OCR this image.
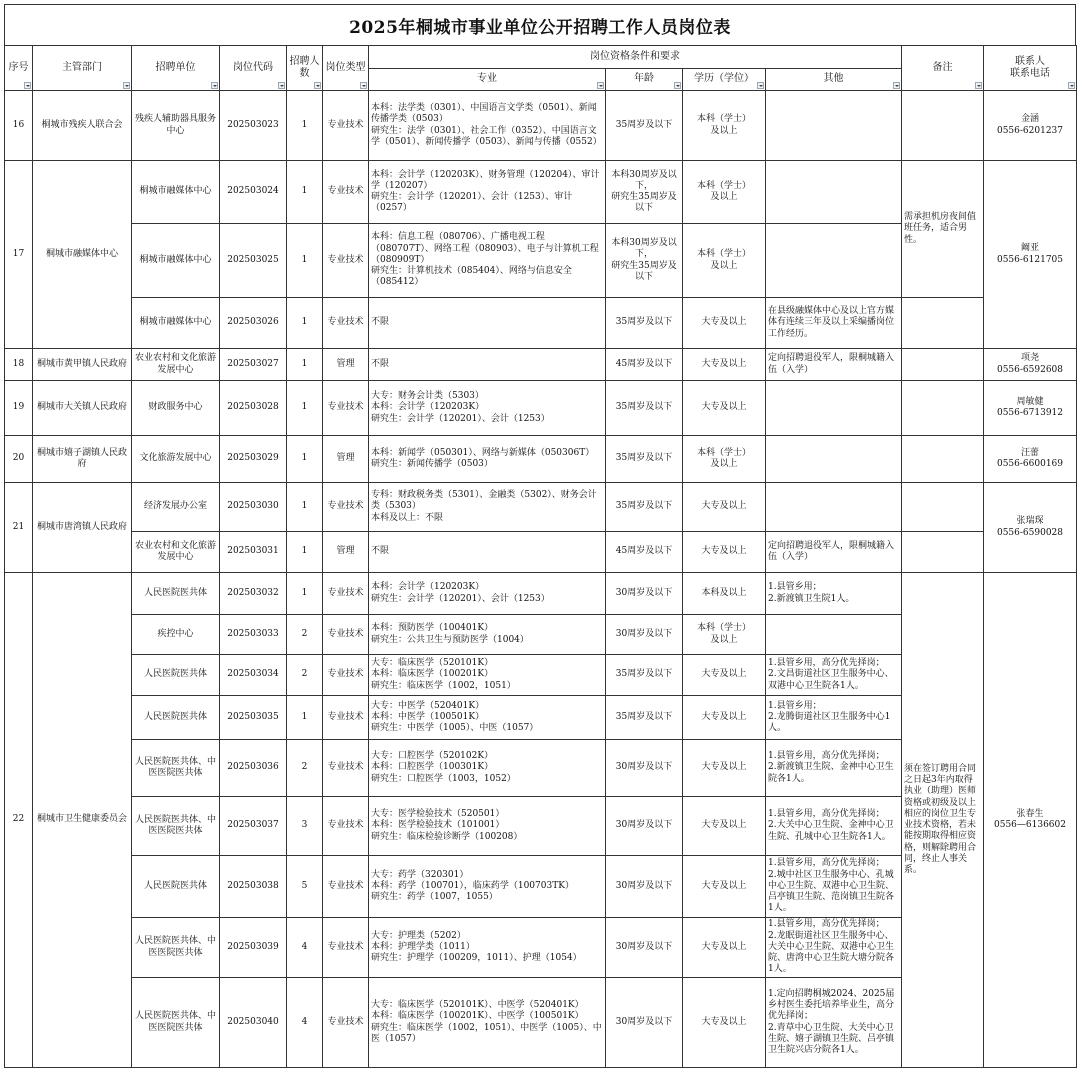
2025年桐城市事业单位公开招聘工作人员岗位表
序号	主管部门	招聘单位	岗位代码	招聘人数	岗位类型	岗位资格条件和要求				备注	联系人
联系电话

						专业	年龄	学历（学位）	其他		

16	桐城市残疾人联合会	残疾人辅助器具服务中心	202503023	1	专业技术	本科：法学类（0301）、中国语言文学类（0501）、新闻传播学类（0503）
研究生：法学（0301）、社会工作（0352）、中国语言文学（0501）、新闻传播学（0503）、新闻与传播（0552）	35周岁及以下	本科（学士）
及以上			金涵
0556-6201237
17	桐城市融媒体中心	桐城市融媒体中心	202503024	1	专业技术	本科：会计学（120203K）、财务管理（120204）、审计学（120207）
研究生：会计学（120201）、会计（1253）、审计（0257）	本科30周岁及以下，
研究生35周岁及以下	本科（学士）
及以上		需承担机房夜间值班任务，适合男性。	阚亚
0556-6121705
		桐城市融媒体中心	202503025	1	专业技术	本科：信息工程（080706）、广播电视工程（080707T）、网络工程（080903）、电子与计算机工程（080909T）
研究生：计算机技术（085404）、网络与信息安全（085412）	本科30周岁及以下，
研究生35周岁及以下	本科（学士）
及以上			
		桐城市融媒体中心	202503026	1	专业技术	不限	35周岁及以下	大专及以上	在县级融媒体中心及以上官方媒体有连续三年及以上采编播岗位工作经历。		
18	桐城市黄甲镇人民政府	农业农村和文化旅游发展中心	202503027	1	管理	不限	45周岁及以下	大专及以上	定向招聘退役军人，限桐城籍入伍（入学）		项尧
0556-6592608
19	桐城市大关镇人民政府	财政服务中心	202503028	1	专业技术	大专：财务会计类（5303）
本科：会计学（120203K）
研究生：会计学（120201）、会计（1253）	35周岁及以下	大专及以上			周敏健
0556-6713912
20	桐城市嬉子湖镇人民政府	文化旅游发展中心	202503029	1	管理	本科：新闻学（050301）、网络与新媒体（050306T）
研究生：新闻传播学（0503）	35周岁及以下	本科（学士）
及以上			汪蕾
0556-6600169
21	桐城市唐湾镇人民政府	经济发展办公室	202503030	1	专业技术	专科：财政税务类（5301）、金融类（5302）、财务会计类（5303）
本科及以上：不限	35周岁及以下	大专及以上			张瑞琛
0556-6590028
		农业农村和文化旅游发展中心	202503031	1	管理	不限	45周岁及以下	大专及以上	定向招聘退役军人，限桐城籍入伍（入学）		
22	桐城市卫生健康委员会	人民医院医共体	202503032	1	专业技术	本科：会计学（120203K）
研究生：会计学（120201）、会计（1253）	30周岁及以下	本科及以上	1.县管乡用；
2.新渡镇卫生院1人。	须在签订聘用合同之日起3年内取得执业（助理）医师资格或初级及以上相应的岗位卫生专业技术资格，若未能按期取得相应资格，则解除聘用合同，终止人事关系。	张春生
0556—6136602
		疾控中心	202503033	2	专业技术	本科：预防医学（100401K）
研究生：公共卫生与预防医学（1004）	30周岁及以下	本科（学士）
及以上			
		人民医院医共体	202503034	2	专业技术	大专：临床医学（520101K）
本科：临床医学（100201K）
研究生：临床医学（1002，1051）	35周岁及以下	大专及以上	1.县管乡用，高分优先择岗；
2.文昌街道社区卫生服务中心、双港中心卫生院各1人。		
		人民医院医共体	202503035	1	专业技术	大专：中医学（520401K）
本科：中医学（100501K）
研究生：中医学（1005）、中医（1057）	35周岁及以下	大专及以上	1.县管乡用；
2.龙腾街道社区卫生服务中心1人。		
		人民医院医共体、中医医院医共体	202503036	2	专业技术	大专：口腔医学（520102K）
本科：口腔医学（100301K）
研究生：口腔医学（1003，1052）	30周岁及以下	大专及以上	1.县管乡用，高分优先择岗；
2.新渡镇卫生院、金神中心卫生院各1人。		
		人民医院医共体、中医医院医共体	202503037	3	专业技术	大专：医学检验技术（520501）
本科：医学检验技术（101001）
研究生：临床检验诊断学（100208）	30周岁及以下	大专及以上	1.县管乡用，高分优先择岗；
2.大关中心卫生院、金神中心卫生院、孔城中心卫生院各1人。		
		人民医院医共体	202503038	5	专业技术	大专：药学（320301）
本科：药学（100701），临床药学（100703TK）
研究生：药学（1007，1055）	30周岁及以下	大专及以上	1.县管乡用，高分优先择岗；
2.城中社区卫生服务中心、孔城中心卫生院、双港中心卫生院、吕亭镇卫生院、范岗镇卫生院各1人。		
		人民医院医共体、中医医院医共体	202503039	4	专业技术	大专：护理类（5202）
本科：护理学类（1011）
研究生：护理学（100209，1011）、护理（1054）	30周岁及以下	大专及以上	1.县管乡用，高分优先择岗；
2.龙眠街道社区卫生服务中心、大关中心卫生院、双港中心卫生院、唐湾中心卫生院大塘分院各1人。		
		人民医院医共体、中医医院医共体	202503040	4	专业技术	大专：临床医学（520101K）、中医学（520401K）
本科：临床医学（100201K）、中医学（100501K）
研究生：临床医学（1002，1051）、中医学（1005）、中医（1057）	30周岁及以下	大专及以上	1.定向招聘桐城2024、2025届乡村医生委托培养毕业生，高分优先择岗；
2.青草中心卫生院、大关中心卫生院、嬉子湖镇卫生院、吕亭镇卫生院兴店分院各1人。		
